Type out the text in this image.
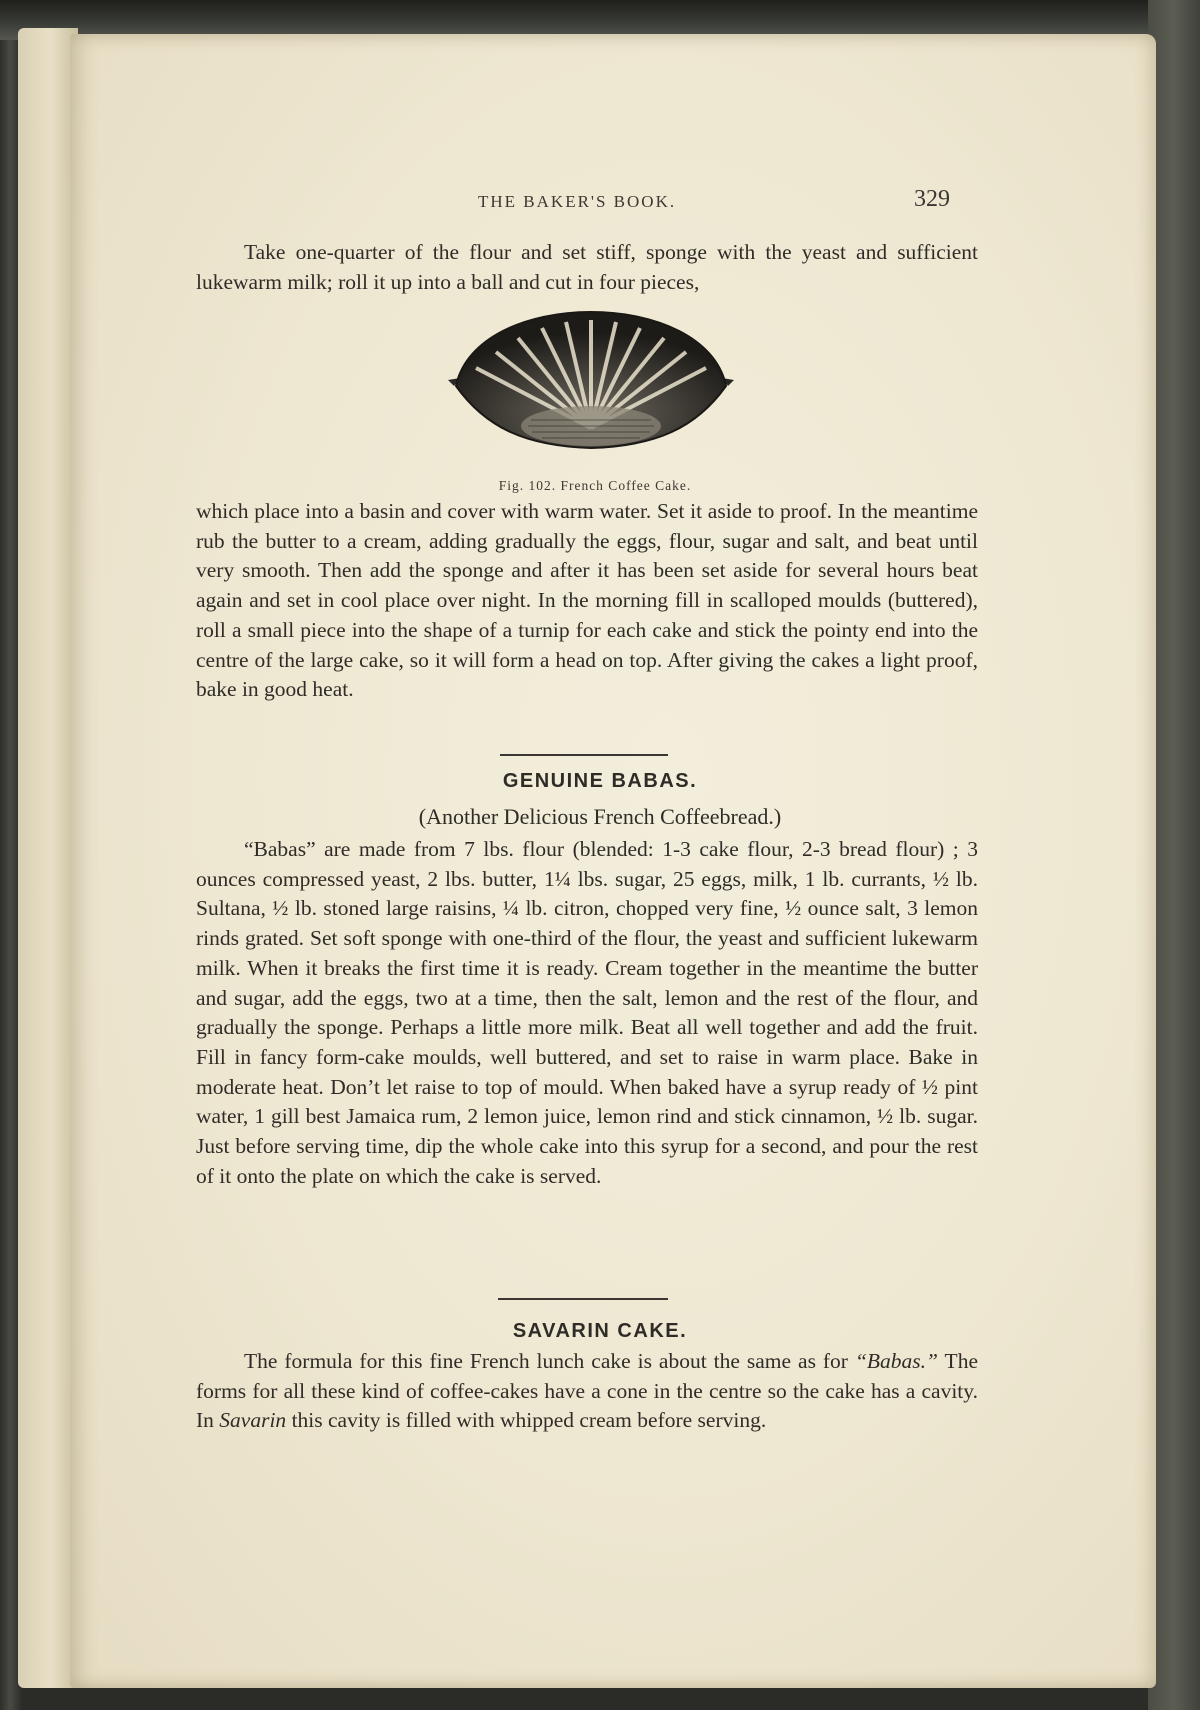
THE BAKER'S BOOK.	329

Take one-quarter of the flour and set stiff, sponge with the yeast and sufficient lukewarm milk; roll it up into a ball and cut in four pieces,

Fig. 102. French Coffee Cake.

which place into a basin and cover with warm water. Set it aside to proof. In the meantime rub the butter to a cream, adding gradually the eggs, flour, sugar and salt, and beat until very smooth. Then add the sponge and after it has been set aside for several hours beat again and set in cool place over night. In the morning fill in scalloped moulds (buttered), roll a small piece into the shape of a turnip for each cake and stick the pointy end into the centre of the large cake, so it will form a head on top. After giving the cakes a light proof, bake in good heat.

GENUINE BABAS.
(Another Delicious French Coffeebread.)

“Babas” are made from 7 lbs. flour (blended: 1-3 cake flour, 2-3 bread flour) ; 3 ounces compressed yeast, 2 lbs. butter, 1¼ lbs. sugar, 25 eggs, milk, 1 lb. currants, ½ lb. Sultana, ½ lb. stoned large raisins, ¼ lb. citron, chopped very fine, ½ ounce salt, 3 lemon rinds grated. Set soft sponge with one-third of the flour, the yeast and sufficient lukewarm milk. When it breaks the first time it is ready. Cream together in the meantime the butter and sugar, add the eggs, two at a time, then the salt, lemon and the rest of the flour, and gradually the sponge. Perhaps a little more milk. Beat all well together and add the fruit. Fill in fancy form-cake moulds, well buttered, and set to raise in warm place. Bake in moderate heat. Don’t let raise to top of mould. When baked have a syrup ready of ½ pint water, 1 gill best Jamaica rum, 2 lemon juice, lemon rind and stick cinnamon, ½ lb. sugar. Just before serving time, dip the whole cake into this syrup for a second, and pour the rest of it onto the plate on which the cake is served.

SAVARIN CAKE.

The formula for this fine French lunch cake is about the same as for “Babas.” The forms for all these kind of coffee-cakes have a cone in the centre so the cake has a cavity. In Savarin this cavity is filled with whipped cream before serving.
